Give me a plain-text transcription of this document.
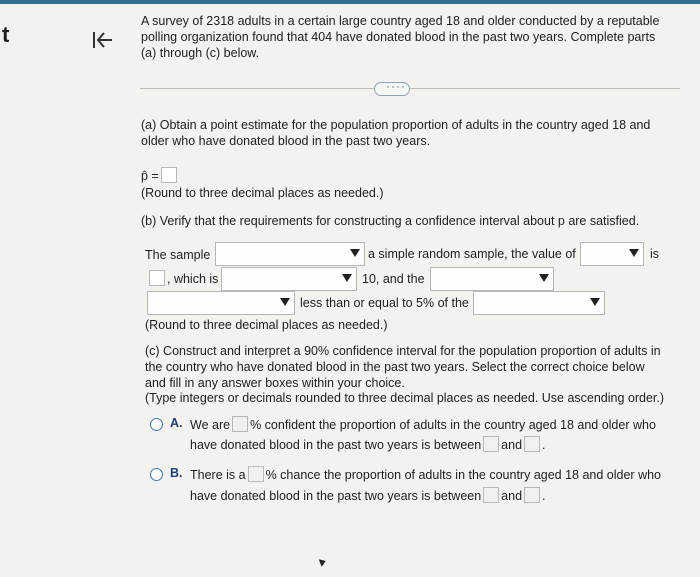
t
A survey of 2318 adults in a certain large country aged 18 and older conducted by a reputable polling organization found that 404 have donated blood in the past two years. Complete parts (a) through (c) below.
····
(a) Obtain a point estimate for the population proportion of adults in the country aged 18 and older who have donated blood in the past two years.
p̂ =
(Round to three decimal places as needed.)
(b) Verify that the requirements for constructing a confidence interval about p are satisfied.
The sample	a simple random sample, the value of	is
, which is	10, and the
less than or equal to 5% of the
(Round to three decimal places as needed.)
(c) Construct and interpret a 90% confidence interval for the population proportion of adults in the country who have donated blood in the past two years. Select the correct choice below and fill in any answer boxes within your choice.
(Type integers or decimals rounded to three decimal places as needed. Use ascending order.)
A. We are % confident the proportion of adults in the country aged 18 and older who
have donated blood in the past two years is between and .
B. There is a % chance the proportion of adults in the country aged 18 and older who
have donated blood in the past two years is between and .
